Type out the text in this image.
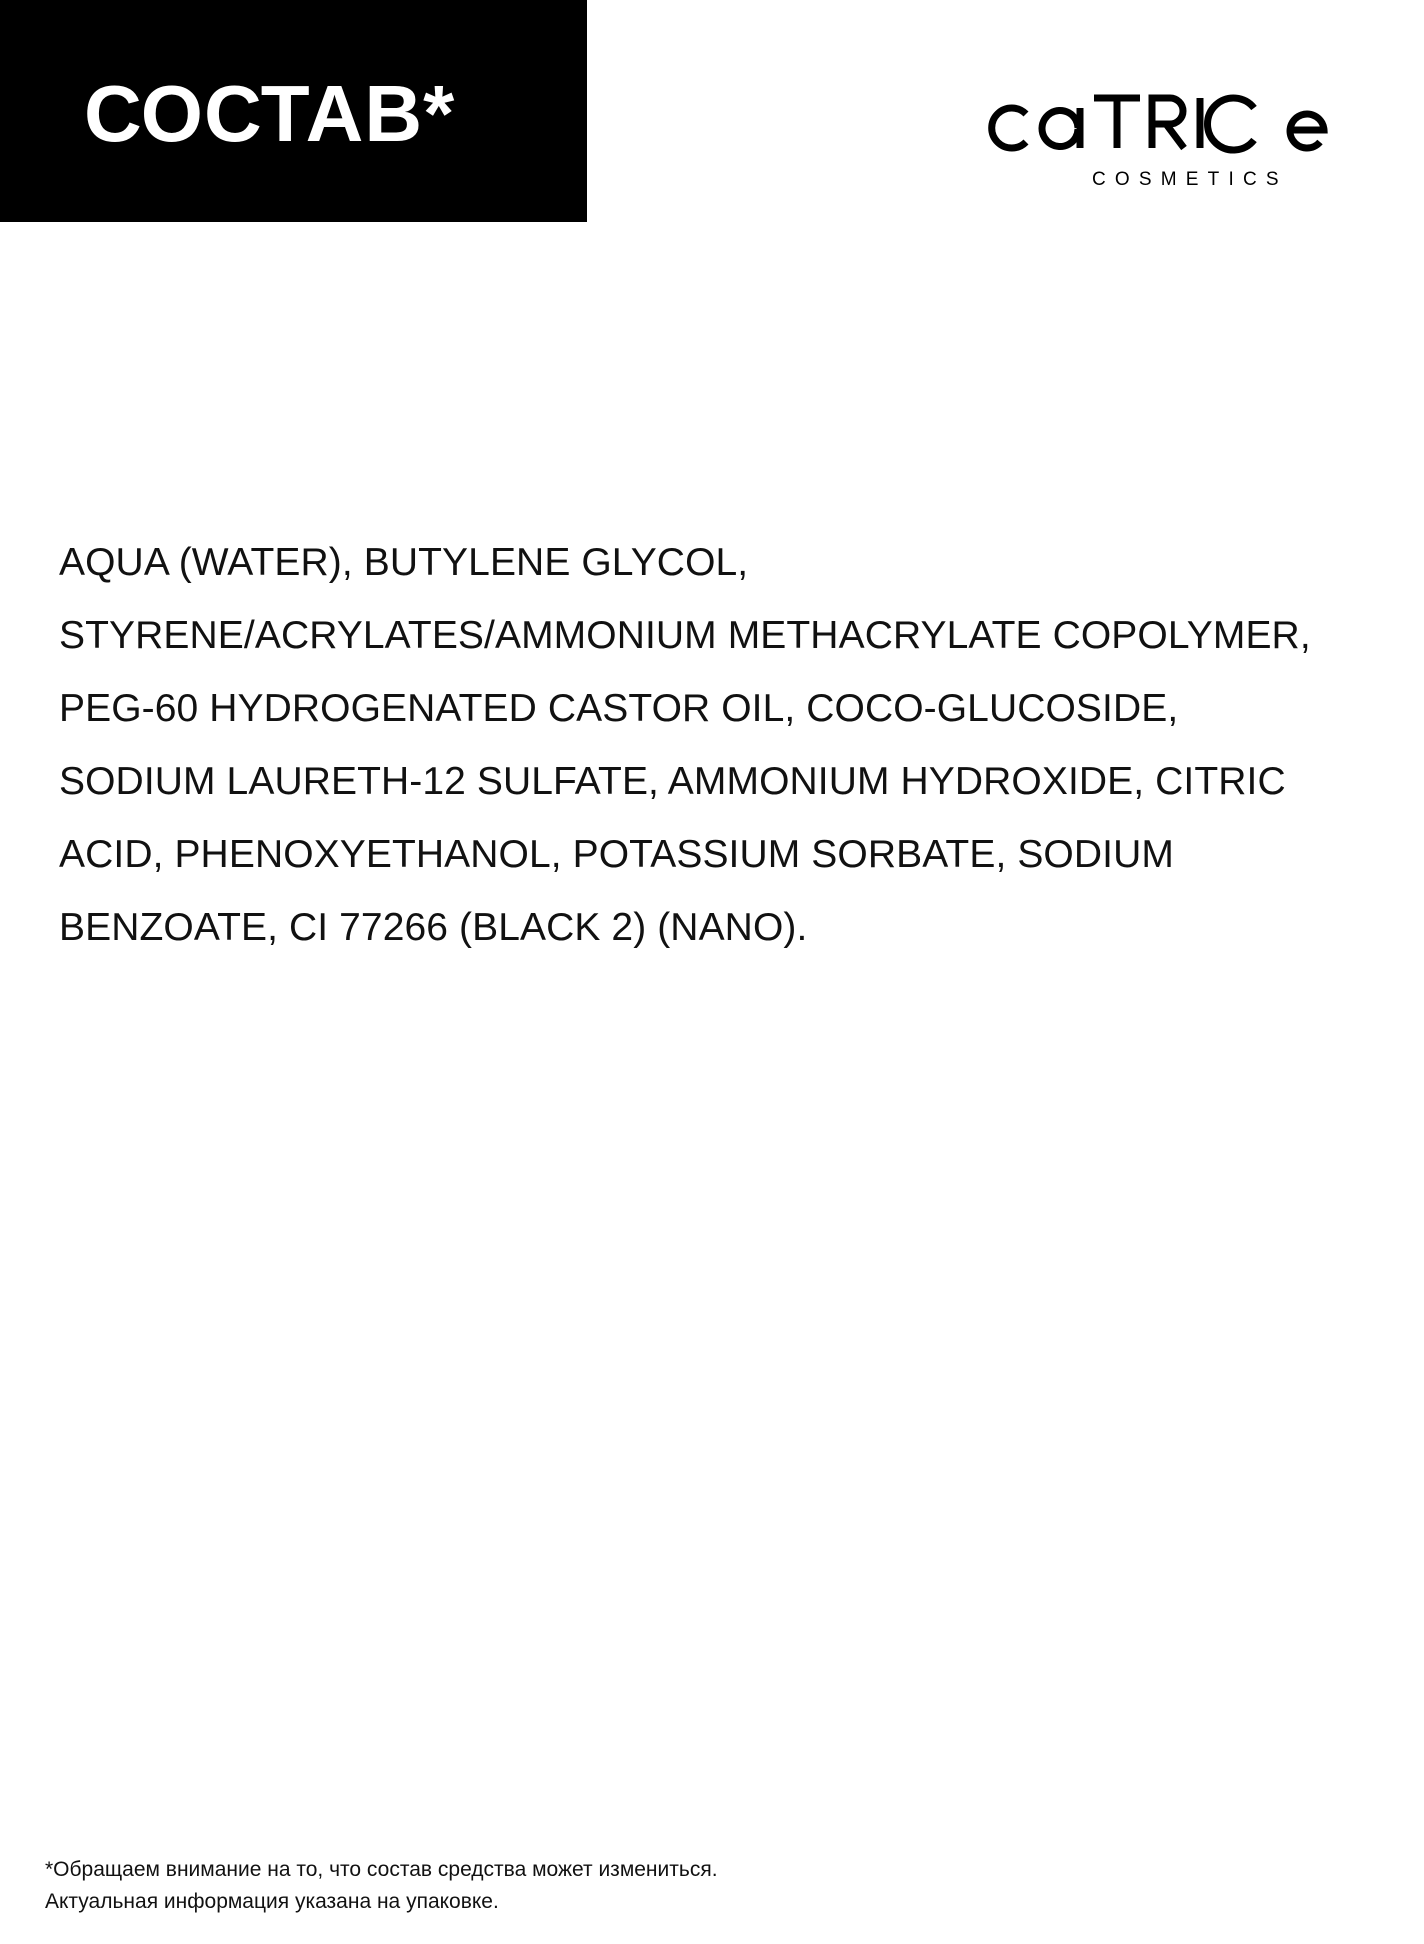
СОСТАВ*
COSMETICS
AQUA (WATER), BUTYLENE GLYCOL,
STYRENE/ACRYLATES/AMMONIUM METHACRYLATE COPOLYMER,
PEG-60 HYDROGENATED CASTOR OIL, COCO-GLUCOSIDE,
SODIUM LAURETH-12 SULFATE, AMMONIUM HYDROXIDE, CITRIC
ACID, PHENOXYETHANOL, POTASSIUM SORBATE, SODIUM
BENZOATE, CI 77266 (BLACK 2) (NANO).
*Обращаем внимание на то, что состав средства может измениться.
Актуальная информация указана на упаковке.
